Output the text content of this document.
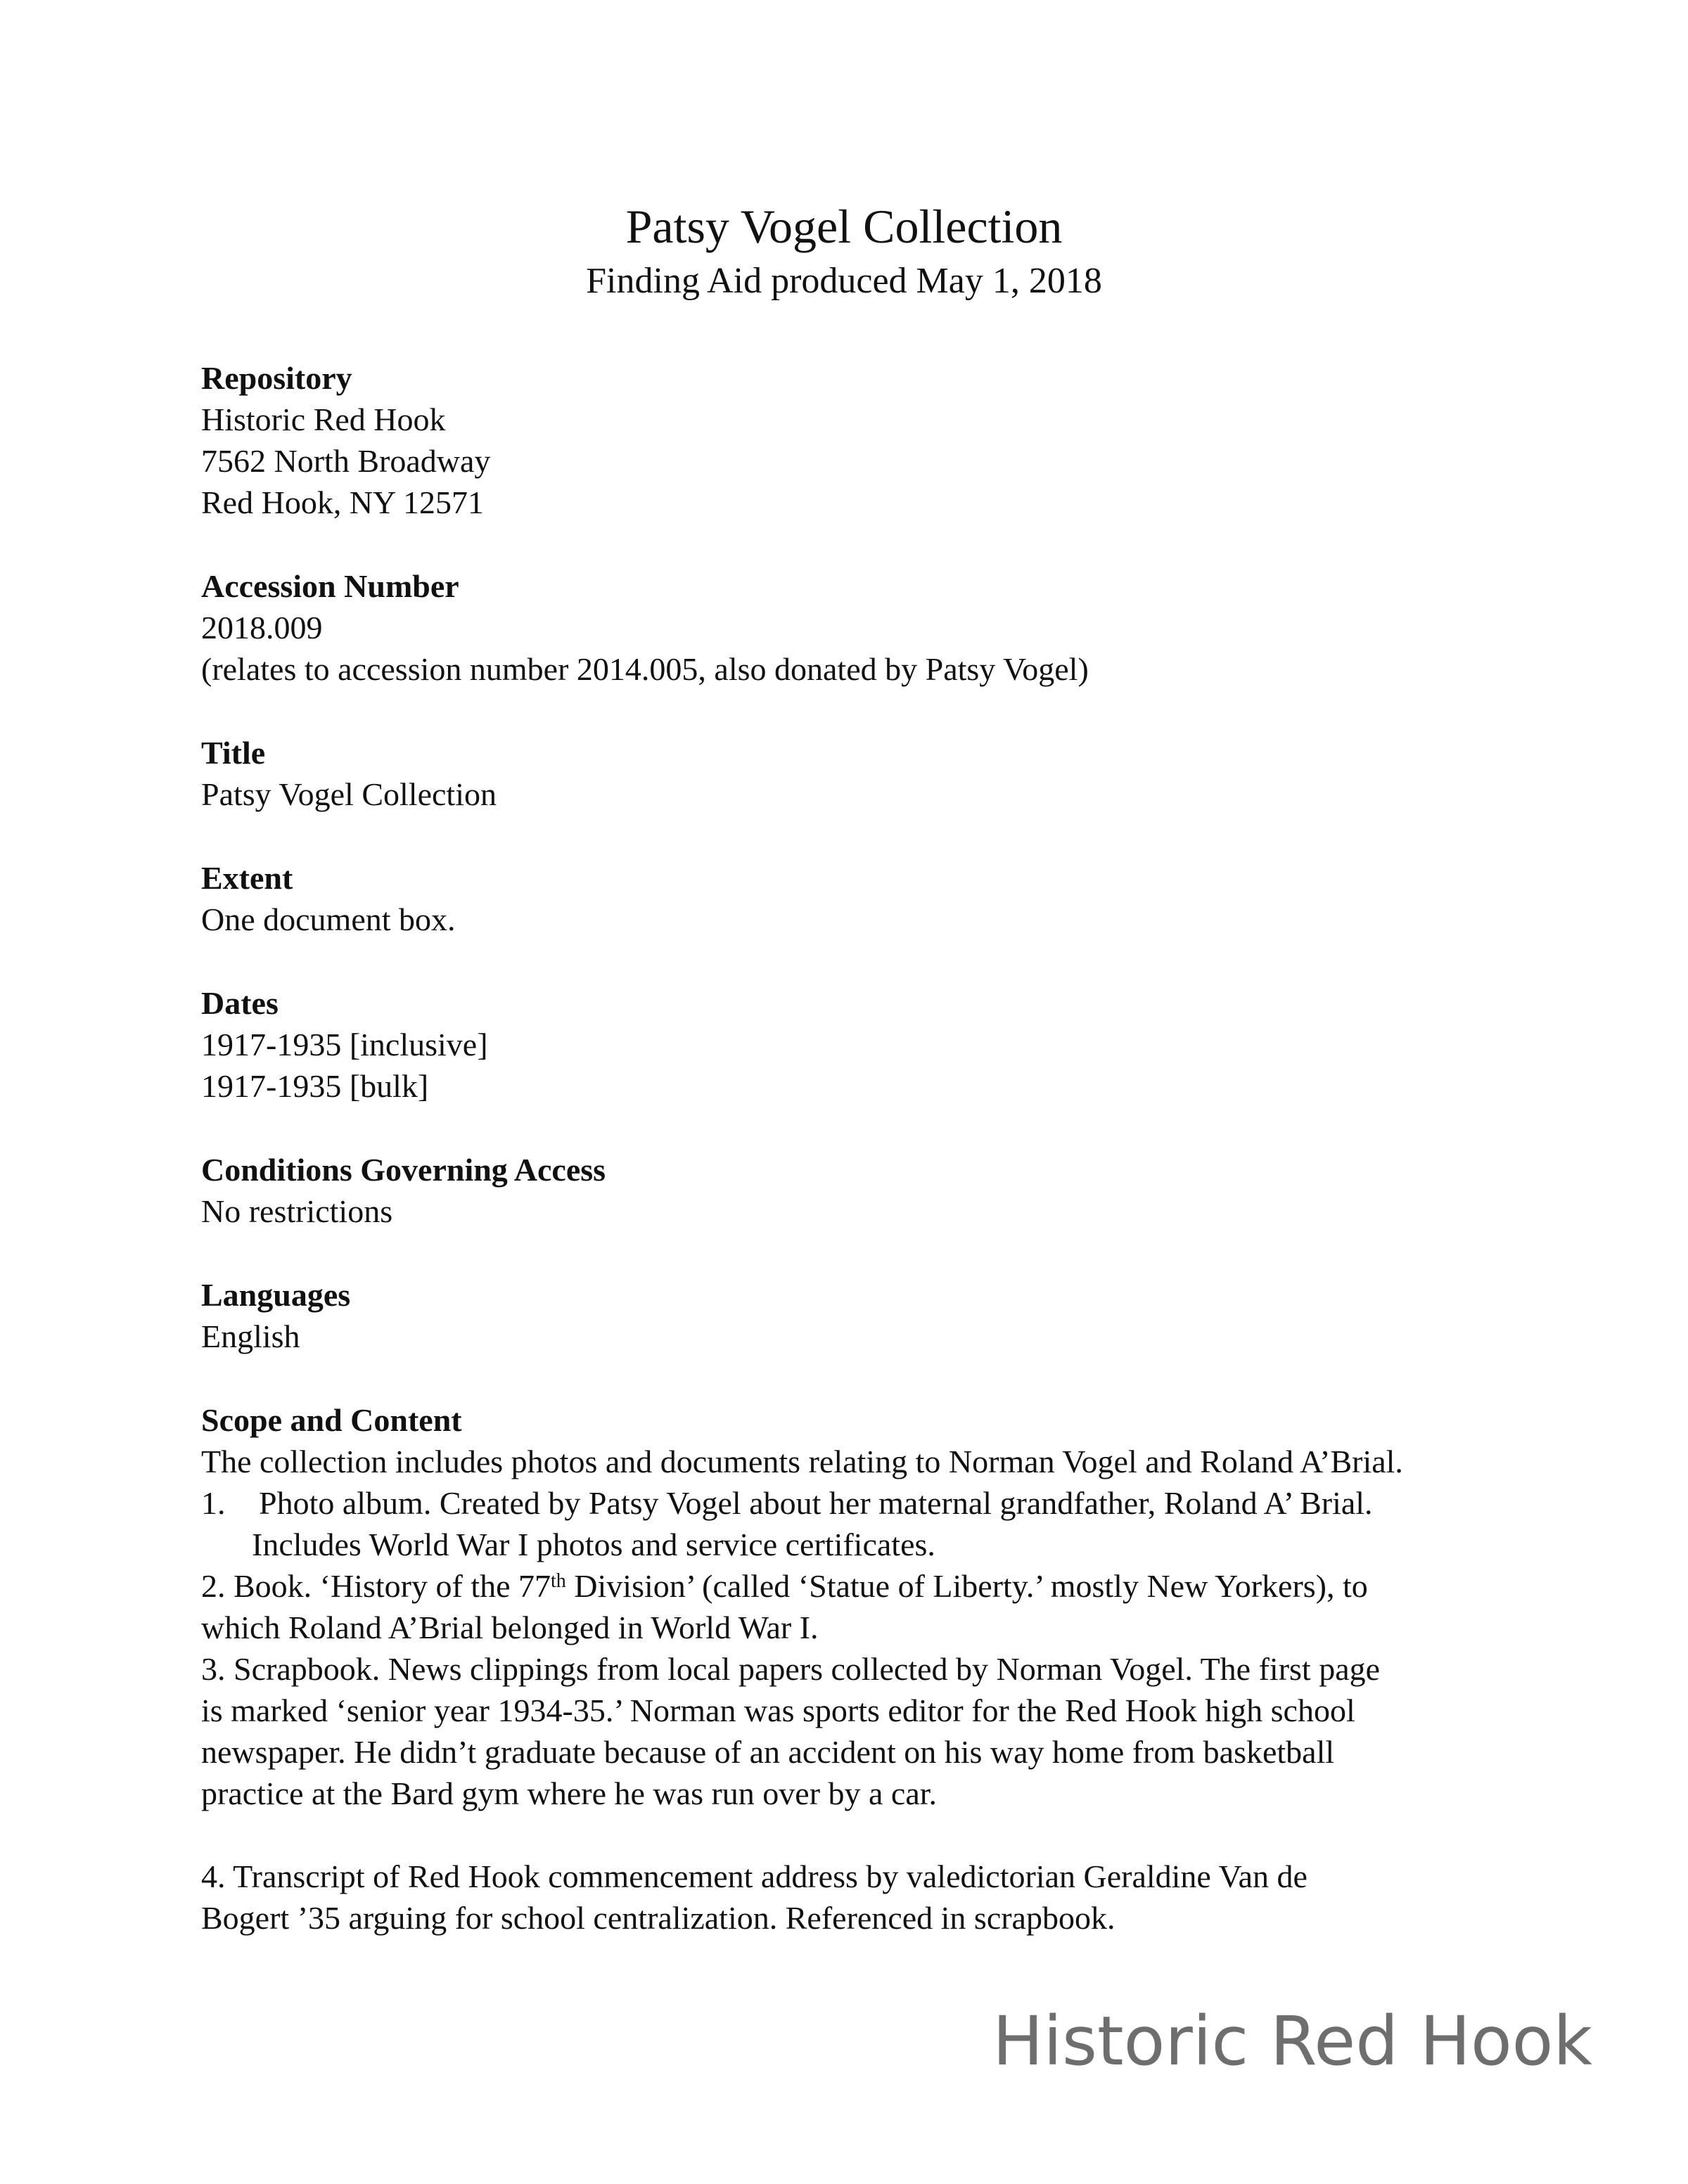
Patsy Vogel Collection
Finding Aid produced May 1, 2018
Repository
Historic Red Hook
7562 North Broadway
Red Hook, NY 12571
Accession Number
2018.009
(relates to accession number 2014.005, also donated by Patsy Vogel)
Title
Patsy Vogel Collection
Extent
One document box.
Dates
1917-1935 [inclusive]
1917-1935 [bulk]
Conditions Governing Access
No restrictions
Languages
English
Scope and Content
The collection includes photos and documents relating to Norman Vogel and Roland A’Brial.
1. Photo album. Created by Patsy Vogel about her maternal grandfather, Roland A’ Brial.
Includes World War I photos and service certificates.
2. Book. ‘History of the 77th Division’ (called ‘Statue of Liberty.’ mostly New Yorkers), to
which Roland A’Brial belonged in World War I.
3. Scrapbook. News clippings from local papers collected by Norman Vogel. The first page
is marked ‘senior year 1934-35.’ Norman was sports editor for the Red Hook high school
newspaper. He didn’t graduate because of an accident on his way home from basketball
practice at the Bard gym where he was run over by a car.
4. Transcript of Red Hook commencement address by valedictorian Geraldine Van de
Bogert ’35 arguing for school centralization. Referenced in scrapbook.
Historic Red Hook
